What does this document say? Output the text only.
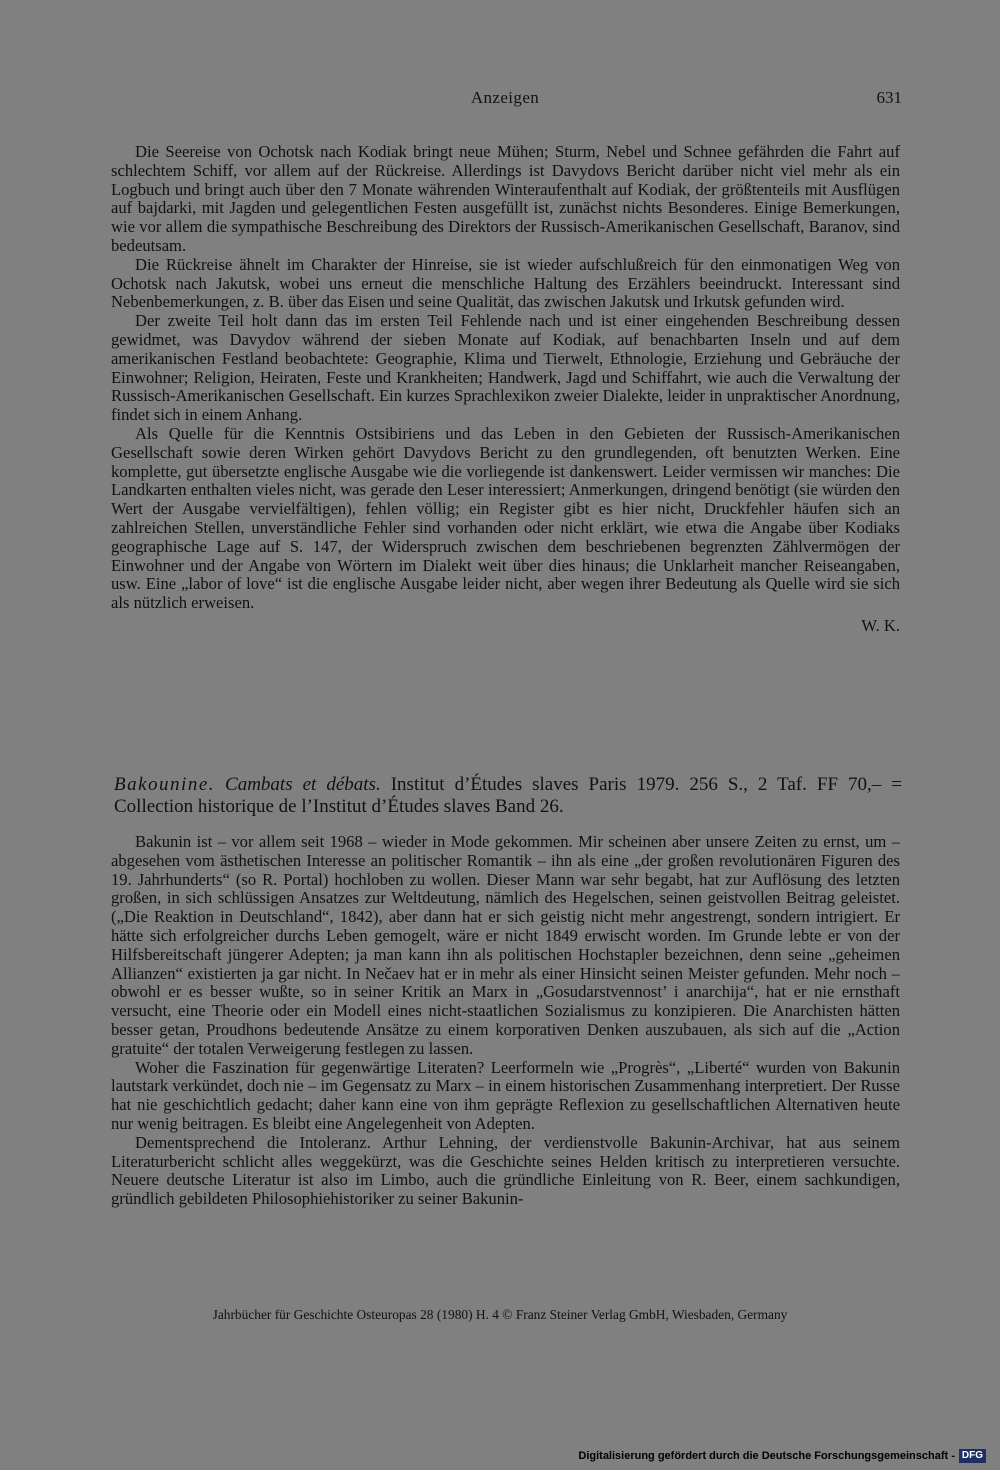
Anzeigen	631

Die Seereise von Ochotsk nach Kodiak bringt neue Mühen; Sturm, Nebel und Schnee gefährden die Fahrt auf schlechtem Schiff, vor allem auf der Rückreise. Allerdings ist Davydovs Bericht darüber nicht viel mehr als ein Logbuch und bringt auch über den 7 Monate währenden Winteraufenthalt auf Kodiak, der größtenteils mit Ausflügen auf bajdarki, mit Jagden und gelegentlichen Festen ausgefüllt ist, zunächst nichts Besonderes. Einige Bemerkungen, wie vor allem die sympathische Beschreibung des Direktors der Russisch-Amerikanischen Gesellschaft, Baranov, sind bedeutsam.

Die Rückreise ähnelt im Charakter der Hinreise, sie ist wieder aufschlußreich für den einmonatigen Weg von Ochotsk nach Jakutsk, wobei uns erneut die menschliche Haltung des Erzählers beeindruckt. Interessant sind Nebenbemerkungen, z. B. über das Eisen und seine Qualität, das zwischen Jakutsk und Irkutsk gefunden wird.

Der zweite Teil holt dann das im ersten Teil Fehlende nach und ist einer eingehenden Beschreibung dessen gewidmet, was Davydov während der sieben Monate auf Kodiak, auf benachbarten Inseln und auf dem amerikanischen Festland beobachtete: Geographie, Klima und Tierwelt, Ethnologie, Erziehung und Gebräuche der Einwohner; Religion, Heiraten, Feste und Krankheiten; Handwerk, Jagd und Schiffahrt, wie auch die Verwaltung der Russisch-Amerikanischen Gesellschaft. Ein kurzes Sprachlexikon zweier Dialekte, leider in unpraktischer Anordnung, findet sich in einem Anhang.

Als Quelle für die Kenntnis Ostsibiriens und das Leben in den Gebieten der Russisch-Amerikanischen Gesellschaft sowie deren Wirken gehört Davydovs Bericht zu den grundlegenden, oft benutzten Werken. Eine komplette, gut übersetzte englische Ausgabe wie die vorliegende ist dankenswert. Leider vermissen wir manches: Die Landkarten enthalten vieles nicht, was gerade den Leser interessiert; Anmerkungen, dringend benötigt (sie würden den Wert der Ausgabe vervielfältigen), fehlen völlig; ein Register gibt es hier nicht, Druckfehler häufen sich an zahlreichen Stellen, unverständliche Fehler sind vorhanden oder nicht erklärt, wie etwa die Angabe über Kodiaks geographische Lage auf S. 147, der Widerspruch zwischen dem beschriebenen begrenzten Zählvermögen der Einwohner und der Angabe von Wörtern im Dialekt weit über dies hinaus; die Unklarheit mancher Reiseangaben, usw. Eine „labor of love“ ist die englische Ausgabe leider nicht, aber wegen ihrer Bedeutung als Quelle wird sie sich als nützlich erweisen.

W. K.
Bakounine. Cambats et débats. Institut d’Études slaves Paris 1979. 256 S., 2 Taf. FF 70,– = Collection historique de l’Institut d’Études slaves Band 26.

Bakunin ist – vor allem seit 1968 – wieder in Mode gekommen. Mir scheinen aber unsere Zeiten zu ernst, um – abgesehen vom ästhetischen Interesse an politischer Romantik – ihn als eine „der großen revolutionären Figuren des 19. Jahrhunderts“ (so R. Portal) hochloben zu wollen. Dieser Mann war sehr begabt, hat zur Auflösung des letzten großen, in sich schlüssigen Ansatzes zur Weltdeutung, nämlich des Hegelschen, seinen geistvollen Beitrag geleistet. („Die Reaktion in Deutschland“, 1842), aber dann hat er sich geistig nicht mehr angestrengt, sondern intrigiert. Er hätte sich erfolgreicher durchs Leben gemogelt, wäre er nicht 1849 erwischt worden. Im Grunde lebte er von der Hilfsbereitschaft jüngerer Adepten; ja man kann ihn als politischen Hochstapler bezeichnen, denn seine „geheimen Allianzen“ existierten ja gar nicht. In Nečaev hat er in mehr als einer Hinsicht seinen Meister gefunden. Mehr noch – obwohl er es besser wußte, so in seiner Kritik an Marx in „Gosudarstvennost’ i anarchija“, hat er nie ernsthaft versucht, eine Theorie oder ein Modell eines nicht-staatlichen Sozialismus zu konzipieren. Die Anarchisten hätten besser getan, Proudhons bedeutende Ansätze zu einem korporativen Denken auszubauen, als sich auf die „Action gratuite“ der totalen Verweigerung festlegen zu lassen.

Woher die Faszination für gegenwärtige Literaten? Leerformeln wie „Progrès“, „Liberté“ wurden von Bakunin lautstark verkündet, doch nie – im Gegensatz zu Marx – in einem historischen Zusammenhang interpretiert. Der Russe hat nie geschichtlich gedacht; daher kann eine von ihm geprägte Reflexion zu gesellschaftlichen Alternativen heute nur wenig beitragen. Es bleibt eine Angelegenheit von Adepten.

Dementsprechend die Intoleranz. Arthur Lehning, der verdienstvolle Bakunin-Archivar, hat aus seinem Literaturbericht schlicht alles weggekürzt, was die Geschichte seines Helden kritisch zu interpretieren versuchte. Neuere deutsche Literatur ist also im Limbo, auch die gründliche Einleitung von R. Beer, einem sachkundigen, gründlich gebildeten Philosophiehistoriker zu seiner Bakunin-

Jahrbücher für Geschichte Osteuropas 28 (1980) H. 4 © Franz Steiner Verlag GmbH, Wiesbaden, Germany
Digitalisierung gefördert durch die Deutsche Forschungsgemeinschaft - DFG
